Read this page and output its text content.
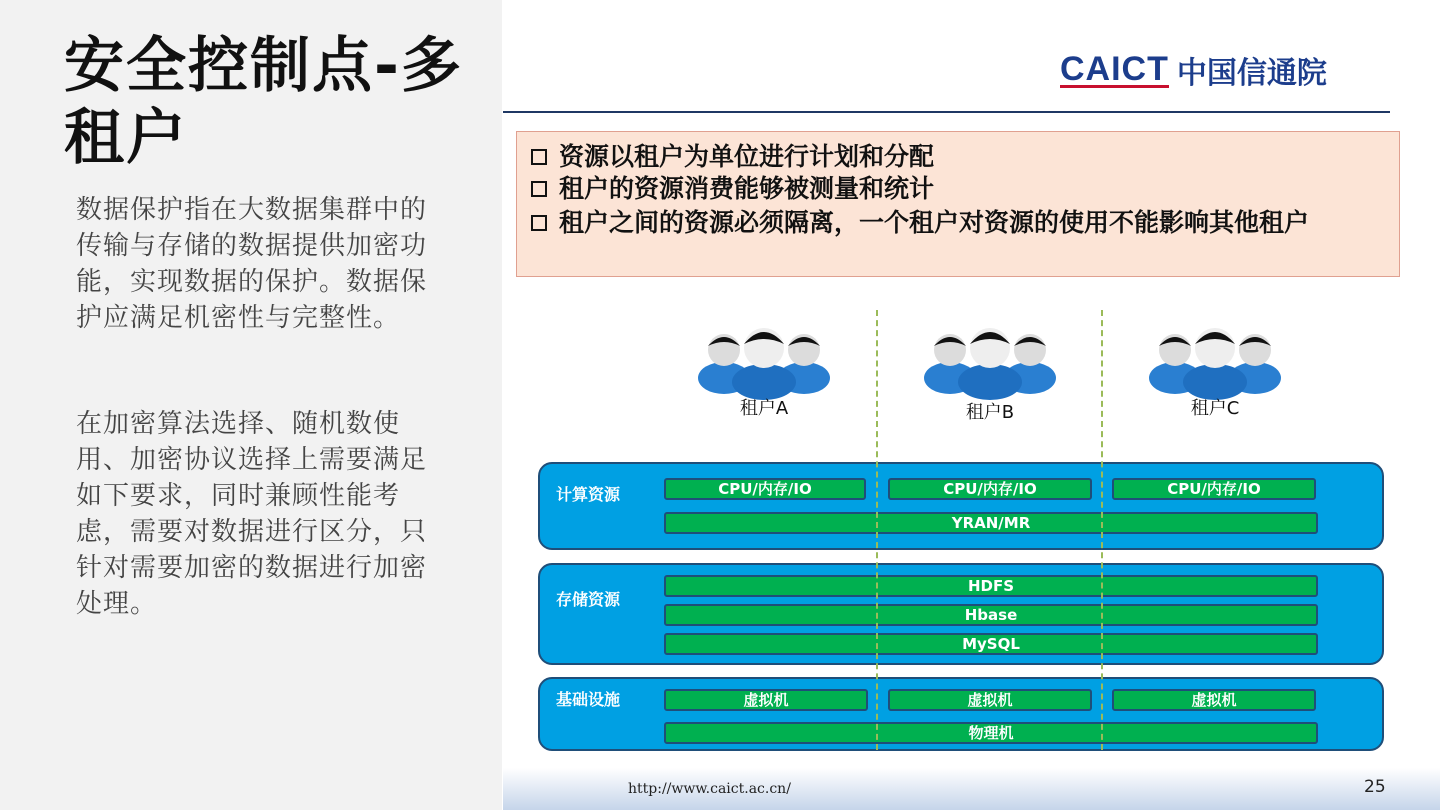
安全控制点-多租户
数据保护指在大数据集群中的传输与存储的数据提供加密功能，实现数据的保护。数据保护应满足机密性与完整性。
在加密算法选择、随机数使用、加密协议选择上需要满足如下要求，同时兼顾性能考虑，需要对数据进行区分，只针对需要加密的数据进行加密处理。
CAICT 中国信通院
资源以租户为单位进行计划和分配
租户的资源消费能够被测量和统计
租户之间的资源必须隔离，一个租户对资源的使用不能影响其他租户
租户A	租户B	租户C
计算资源	CPU/内存/IO	CPU/内存/IO	CPU/内存/IO
YRAN/MR
存储资源
HDFS
Hbase
MySQL
基础设施	虚拟机	虚拟机	虚拟机
物理机
http://www.caict.ac.cn/	25
